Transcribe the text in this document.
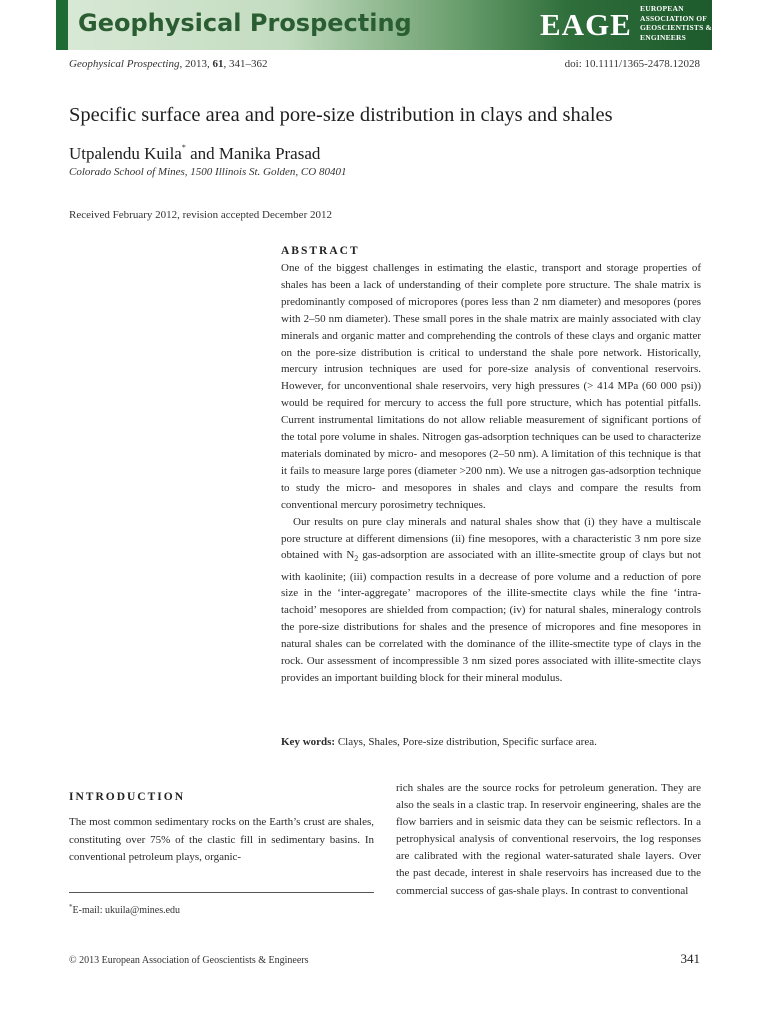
Geophysical Prospecting	EAGE EUROPEAN
ASSOCIATION OF
GEOSCIENTISTS &
ENGINEERS
Geophysical Prospecting, 2013, 61, 341–362	doi: 10.1111/1365-2478.12028
Specific surface area and pore-size distribution in clays and shales
Utpalendu Kuila* and Manika Prasad
Colorado School of Mines, 1500 Illinois St. Golden, CO 80401
Received February 2012, revision accepted December 2012
ABSTRACT

One of the biggest challenges in estimating the elastic, transport and storage properties of shales has been a lack of understanding of their complete pore structure. The shale matrix is predominantly composed of micropores (pores less than 2 nm diameter) and mesopores (pores with 2–50 nm diameter). These small pores in the shale matrix are mainly associated with clay minerals and organic matter and comprehending the controls of these clays and organic matter on the pore-size distribution is critical to understand the shale pore network. Historically, mercury intrusion techniques are used for pore-size analysis of conventional reservoirs. However, for unconventional shale reservoirs, very high pressures (> 414 MPa (60 000 psi)) would be required for mercury to access the full pore structure, which has potential pitfalls. Current instrumental limitations do not allow reliable measurement of significant portions of the total pore volume in shales. Nitrogen gas-adsorption techniques can be used to characterize materials dominated by micro- and mesopores (2–50 nm). A limitation of this technique is that it fails to measure large pores (diameter >200 nm). We use a nitrogen gas-adsorption technique to study the micro- and mesopores in shales and clays and compare the results from conventional mercury porosimetry techniques.

Our results on pure clay minerals and natural shales show that (i) they have a multiscale pore structure at different dimensions (ii) fine mesopores, with a characteristic 3 nm pore size obtained with $N_2$ gas-adsorption are associated with an illite-smectite group of clays but not with kaolinite; (iii) compaction results in a decrease of pore volume and a reduction of pore size in the ‘inter-aggregate’ macropores of the illite-smectite clays while the fine ‘intra-tachoid’ mesopores are shielded from compaction; (iv) for natural shales, mineralogy controls the pore-size distributions for shales and the presence of micropores and fine mesopores in natural shales can be correlated with the dominance of the illite-smectite type of clays in the rock. Our assessment of incompressible 3 nm sized pores associated with illite-smectite clays provides an important building block for their mineral modulus.

Key words: Clays, Shales, Pore-size distribution, Specific surface area.
INTRODUCTION
The most common sedimentary rocks on the Earth’s crust are shales, constituting over 75% of the clastic fill in sedimentary basins. In conventional petroleum plays, organic-
rich shales are the source rocks for petroleum generation. They are also the seals in a clastic trap. In reservoir engineering, shales are the flow barriers and in seismic data they can be seismic reflectors. In a petrophysical analysis of conventional reservoirs, the log responses are calibrated with the regional water-saturated shale layers. Over the past decade, interest in shale reservoirs has increased due to the commercial success of gas-shale plays. In contrast to conventional
*E-mail: ukuila@mines.edu
© 2013 European Association of Geoscientists & Engineers	341
